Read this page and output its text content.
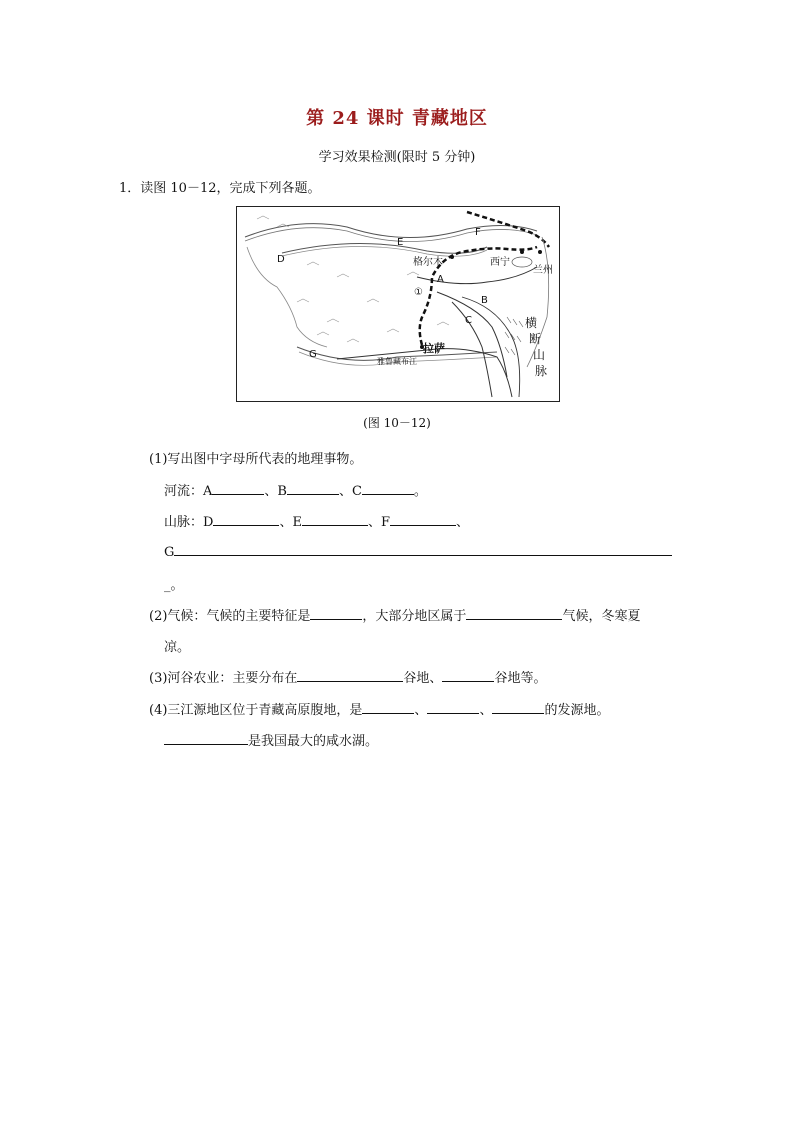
第 24 课时 青藏地区
学习效果检测(限时 5 分钟)
1．读图 10－12，完成下列各题。
A
B
C
D
E
F
G
①
格尔木	西宁
兰州
拉萨
雅鲁藏布江
横
断
山
脉
(图 10－12)
(1)写出图中字母所代表的地理事物。
河流：A	、B	、C	。
山脉：D	、E	、F	、
G
_。
(2)气候：气候的主要特征是	，大部分地区属于	气候，冬寒夏
凉。
(3)河谷农业：主要分布在	谷地、	谷地等。
(4)三江源地区位于青藏高原腹地，是	、	、	的发源地。
是我国最大的咸水湖。
